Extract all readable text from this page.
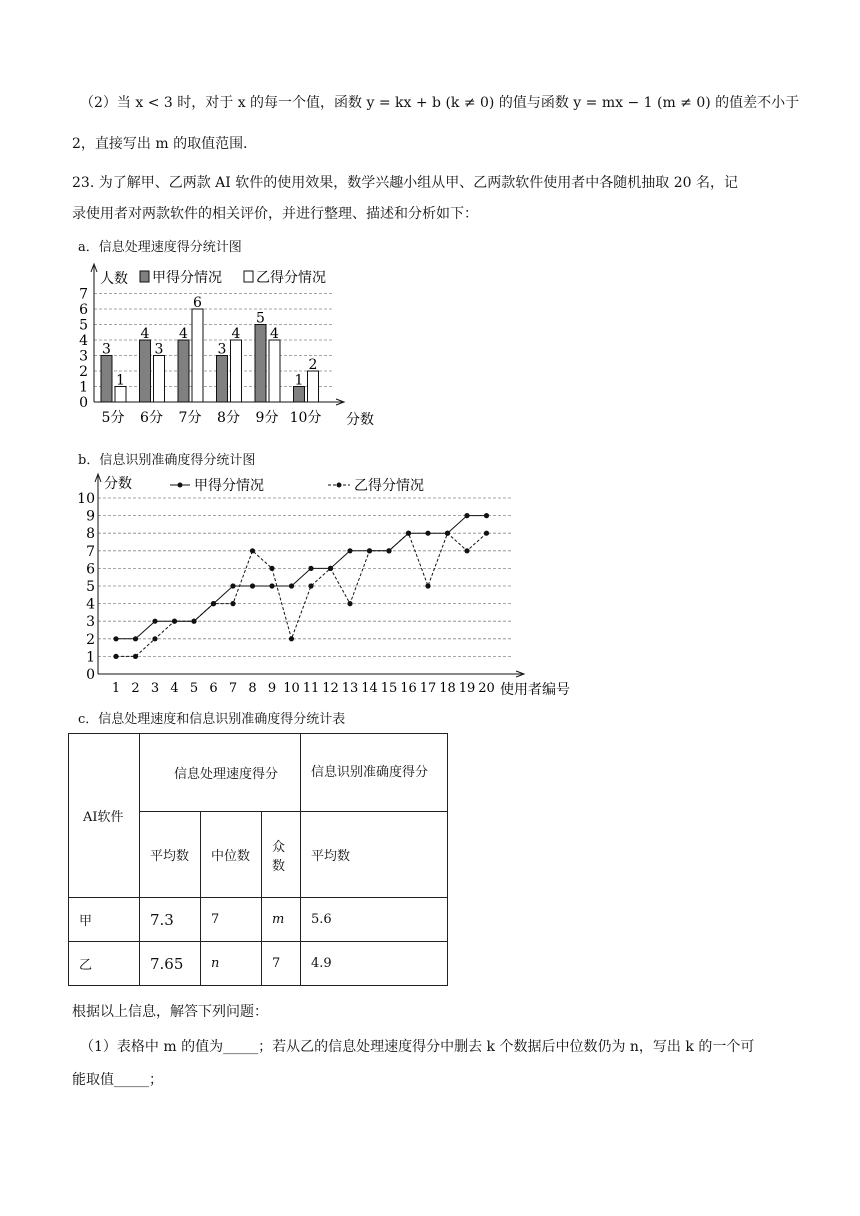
（2）当 x < 3 时，对于 x 的每一个值，函数 y = kx + b (k ≠ 0) 的值与函数 y = mx − 1 (m ≠ 0) 的值差不小于
2，直接写出 m 的取值范围．
23. 为了解甲、乙两款 AI 软件的使用效果，数学兴趣小组从甲、乙两款软件使用者中各随机抽取 20 名，记
录使用者对两款软件的相关评价，并进行整理、描述和分析如下：
a．信息处理速度得分统计图
0
1
2
3
4
5
6
7
人数
分数
甲得分情况 乙得分情况
3
1
5分
4
3
6分
4
6
7分
3
4
8分
5
4
9分
1
2
10分
b．信息识别准确度得分统计图
0
1
2
3
4
5
6
7
8
9
10
分数
使用者编号
甲得分情况	乙得分情况
1 2 3 4 5 6 7 8 9 10 11 12 13 14 15 16 17 18 19 20
c．信息处理速度和信息识别准确度得分统计表
AI软件	信息处理速度得分			信息识别准确度得分
	平均数	中位数	众数	平均数
甲	7.3	7	m	5.6
乙	7.65	n	7	4.9
根据以上信息，解答下列问题：
（1）表格中 m 的值为_____；若从乙的信息处理速度得分中删去 k 个数据后中位数仍为 n，写出 k 的一个可
能取值_____；
